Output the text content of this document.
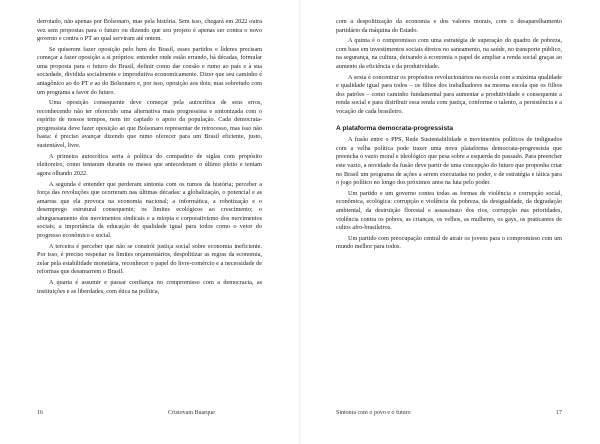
derrotado, não apenas por Bolsonaro, mas pela história. Sem isso, chegará em 2022 outra vez sem propostas para o futuro ou dizendo que seu projeto é apenas ser contra o novo governo e contra o PT ao qual serviram até ontem.

Se quiserem fazer oposição pelo bem do Brasil, esses partidos e líderes precisam começar a fazer oposição a si próprios: entender onde estão errando, há décadas, formular uma proposta para o futuro do Brasil, definir como dar coesão e rumo ao país e à sua sociedade, dividida socialmente e improdutiva economicamente. Dizer que seu caminho é antagônico ao do PT e ao do Bolsonaro e, por isso, oposição aos dois; mas sobretudo com um programa a favor do futuro.

Uma oposição consequente deve começar pela autocrítica de seus erros, reconhecendo não ter oferecido uma alternativa mais progressista e sintonizada com o espírito de nossos tempos, nem ter captado o apoio da população. Cada democrata-progressista deve fazer oposição ao que Bolsonaro representar de retrocesso, mas isso não basta: é preciso avançar dizendo que rumo oferecer para um Brasil eficiente, justo, sustentável, livre.

A primeira autocrítica seria à política do compadrio de siglas com propósito eleitoreiro, como tentaram durante os meses que antecederam o último pleito e tentam agora olhando 2022.

A segunda é entender que perderam sintonia com os rumos da história; perceber a força das revoluções que ocorreram nas últimas décadas: a globalização, o potencial e as amarras que ela provoca na economia nacional; a informática, a robotização e o desemprego estrutural consequente; os limites ecológicos ao crescimento; o aburguesamento dos movimentos sindicais e a miopia e corporativismo dos movimentos sociais; a importância da educação de qualidade igual para todos como o vetor do progresso econômico e social.

A terceira é perceber que não se constrói justiça social sobre economia ineficiente. Por isso, é preciso respeitar os limites orçamentários, despolitizar as regras da economia, zelar pela estabilidade monetária, reconhecer o papel do livre-comércio e a necessidade de reformas que desamarrem o Brasil.

A quarta é assumir e passar confiança no compromisso com a democracia, as instituições e as liberdades, com ética na política,

16	Cristovam Buarque

com a despolitização da economia e dos valores morais, com o desaparelhamento partidário da máquina do Estado.

A quinta é o compromisso com uma estratégia de superação do quadro de pobreza, com base em investimentos sociais diretos no saneamento, na saúde, no transporte público, na segurança, na cultura, deixando à economia o papel de ampliar a renda social graças ao aumento da eficiência e da produtividade.

A sexta é concentrar os propósitos revolucionários na escola com a máxima qualidade e qualidade igual para todos – os filhos dos trabalhadores na mesma escola que os filhos dos patrões – como caminho fundamental para aumentar a produtividade e consequente a renda social e para distribuir essa renda com justiça, conforme o talento, a persistência e a vocação de cada brasileiro.

A plataforma democrata-progressista

A fusão entre o PPS, Rede Sustentabilidade e movimentos políticos de indignados com a velha política pode trazer uma nova plataforma democrata-progressista que preencha o vazio moral e ideológico que pesa sobre a esquerda do passado. Para preencher este vazio, a novidade da fusão deve partir de uma concepção do futuro que proponha criar no Brasil um programa de ações a serem executadas no poder, e de estratégia e tática para o jogo político no longo dos próximos anos na luta pelo poder.

Um partido e um governo contra todas as formas de violência e corrupção social, econômica, ecológica: corrupção e violência da pobreza, da desigualdade, da degradação ambiental, da destruição florestal e assassinato dos rios, corrupção nas prioridades, violência contra os pobres, as crianças, os velhos, as mulheres, os gays, os praticantes de cultos afro-brasileiros.

Um partido com preocupação central de atrair os jovens para o compromisso com um mundo melhor para todos.

Sintonia com o povo e o futuro	17
